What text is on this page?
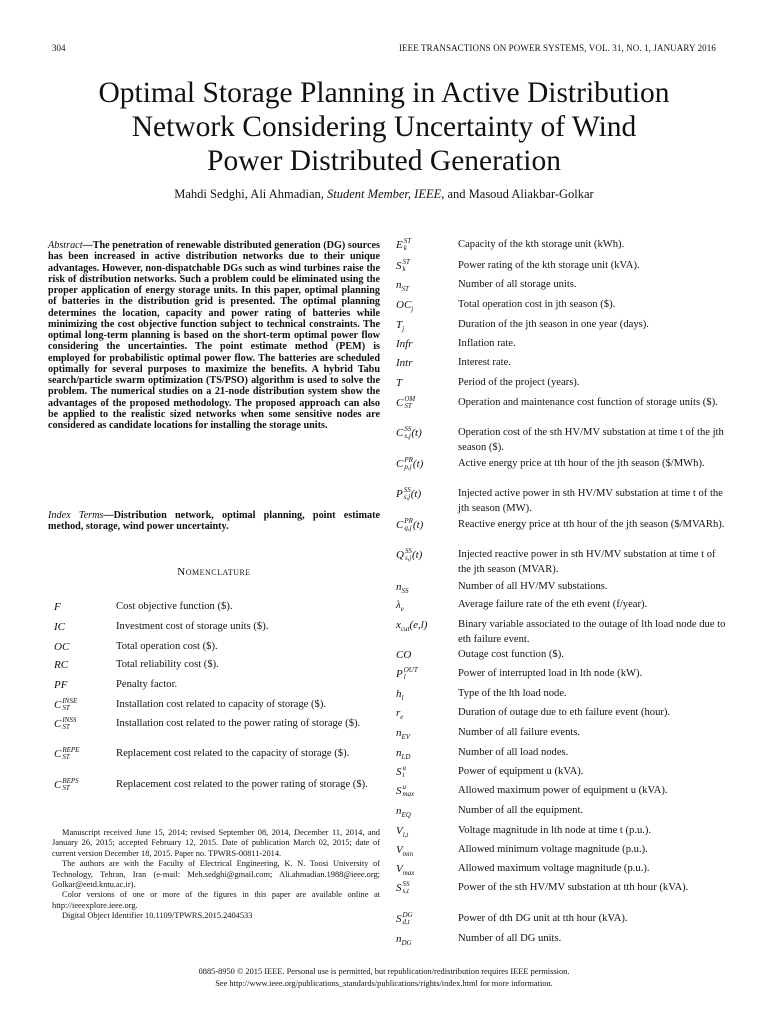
304	IEEE TRANSACTIONS ON POWER SYSTEMS, VOL. 31, NO. 1, JANUARY 2016
Optimal Storage Planning in Active Distribution
Network Considering Uncertainty of Wind
Power Distributed Generation
Mahdi Sedghi, Ali Ahmadian, Student Member, IEEE, and Masoud Aliakbar-Golkar
Abstract—The penetration of renewable distributed generation (DG) sources has been increased in active distribution networks due to their unique advantages. However, non-dispatchable DGs such as wind turbines raise the risk of distribution networks. Such a problem could be eliminated using the proper application of energy storage units. In this paper, optimal planning of batteries in the distribution grid is presented. The optimal planning determines the location, capacity and power rating of batteries while minimizing the cost objective function subject to technical constraints. The optimal long-term planning is based on the short-term optimal power flow considering the uncertainties. The point estimate method (PEM) is employed for probabilistic optimal power flow. The batteries are scheduled optimally for several purposes to maximize the benefits. A hybrid Tabu search/particle swarm optimization (TS/PSO) algorithm is used to solve the problem. The numerical studies on a 21-node distribution system show the advantages of the proposed methodology. The proposed approach can also be applied to the realistic sized networks when some sensitive nodes are considered as candidate locations for installing the storage units.
Index Terms—Distribution network, optimal planning, point estimate method, storage, wind power uncertainty.
Nomenclature
F	Cost objective function ($).
IC	Investment cost of storage units ($).
OC	Total operation cost ($).
RC	Total reliability cost ($).
PF	Penalty factor.
C INSE
ST	Installation cost related to capacity of storage ($).
C INSS
ST	Installation cost related to the power rating of storage ($).
C REPE
ST	Replacement cost related to the capacity of storage ($).
C REPS
ST	Replacement cost related to the power rating of storage ($).
E ST
k	Capacity of the kth storage unit (kWh).
S ST
k	Power rating of the kth storage unit (kVA).
$n_{ST}$	Number of all storage units.
$OC_j$	Total operation cost in jth season ($).
$T_j$	Duration of the jth season in one year (days).
Infr	Inflation rate.
Intr	Interest rate.
T	Period of the project (years).
C OM
ST	Operation and maintenance cost function of storage units ($).
C SS
s,j (t)	Operation cost of the sth HV/MV substation at time t of the jth season ($).
C PR
p,j (t)	Active energy price at tth hour of the jth season ($/MWh).
P SS
s,j (t)	Injected active power in sth HV/MV substation at time t of the jth season (MW).
C PR
q,j (t)	Reactive energy price at tth hour of the jth season ($/MVARh).
Q SS
s,j (t)	Injected reactive power in sth HV/MV substation at time t of the jth season (MVAR).
$n_{SS}$	Number of all HV/MV substations.
$\lambda_e$	Average failure rate of the eth event (f/year).
$x_{cut}(e,l)$	Binary variable associated to the outage of lth load node due to eth failure event.
CO	Outage cost function ($).
P OUT
l	Power of interrupted load in lth node (kW).
$h_l$	Type of the lth load node.
$r_e$	Duration of outage due to eth failure event (hour).
$n_{EV}$	Number of all failure events.
$n_{LD}$	Number of all load nodes.
S u
t	Power of equipment u (kVA).
S u
max	Allowed maximum power of equipment u (kVA).
$n_{EQ}$	Number of all the equipment.
$V_{l,t}$	Voltage magnitude in lth node at time t (p.u.).
$V_{min}$	Allowed minimum voltage magnitude (p.u.).
$V_{max}$	Allowed maximum voltage magnitude (p.u.).
S SS
s,t	Power of the sth HV/MV substation at tth hour (kVA).
S DG
d,t	Power of dth DG unit at tth hour (kVA).
$n_{DG}$	Number of all DG units.

Manuscript received June 15, 2014; revised September 08, 2014, December 11, 2014, and January 26, 2015; accepted February 12, 2015. Date of publication March 02, 2015; date of current version December 18, 2015. Paper no. TPWRS-00811-2014.

The authors are with the Faculty of Electrical Engineering, K. N. Toosi University of Technology, Tehran, Iran (e-mail: Meh.sedghi@gmail.com; Ali.ahmadian.1988@ieee.org; Golkar@eetd.kntu.ac.ir).

Color versions of one or more of the figures in this paper are available online at http://ieeexplore.ieee.org.

Digital Object Identifier 10.1109/TPWRS.2015.2404533

0885-8950 © 2015 IEEE. Personal use is permitted, but republication/redistribution requires IEEE permission.
See http://www.ieee.org/publications_standards/publications/rights/index.html for more information.
